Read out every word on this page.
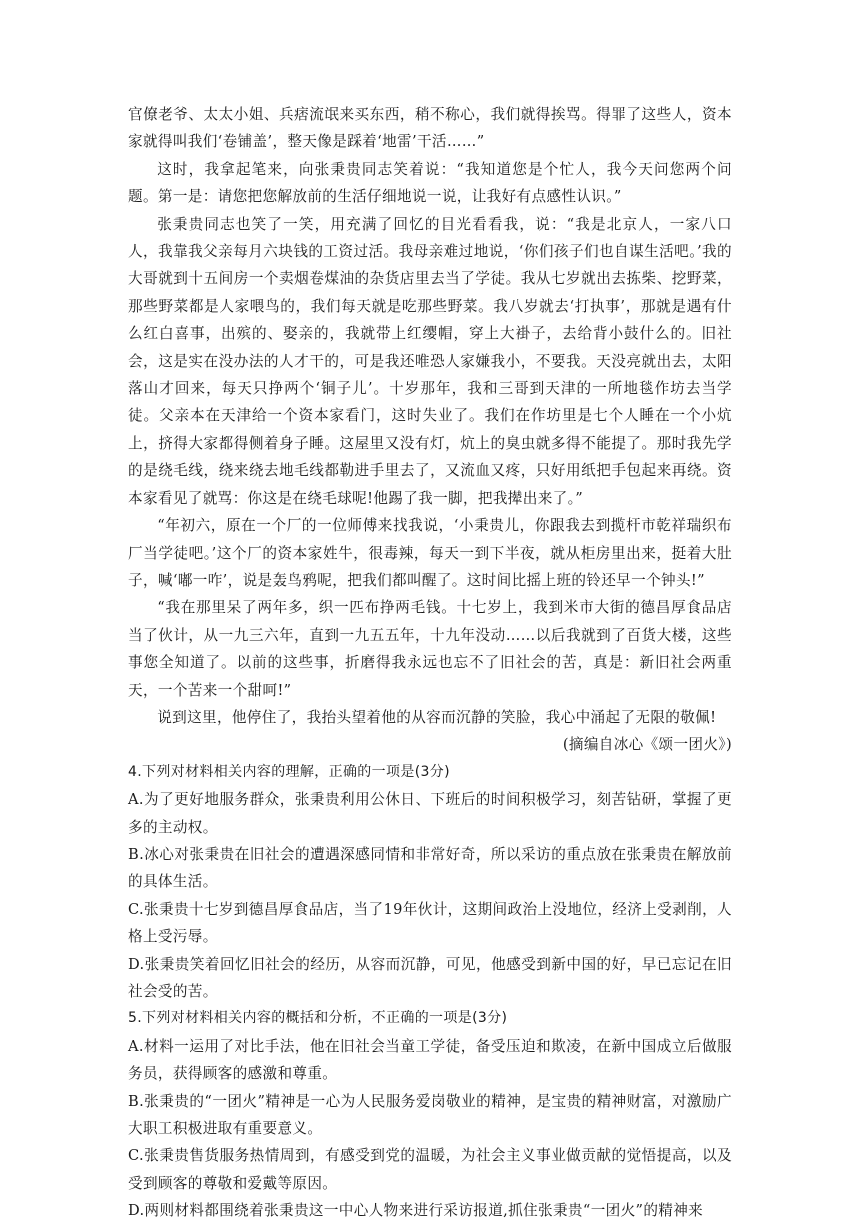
官僚老爷、太太小姐、兵痞流氓来买东西，稍不称心，我们就得挨骂。得罪了这些人，资本家就得叫我们‘卷铺盖’，整天像是踩着‘地雷’干活……”

这时，我拿起笔来，向张秉贵同志笑着说：“我知道您是个忙人，我今天问您两个问题。第一是：请您把您解放前的生活仔细地说一说，让我好有点感性认识。”

张秉贵同志也笑了一笑，用充满了回忆的目光看看我，说：“我是北京人，一家八口人，我靠我父亲每月六块钱的工资过活。我母亲难过地说，‘你们孩子们也自谋生活吧。’我的大哥就到十五间房一个卖烟卷煤油的杂货店里去当了学徒。我从七岁就出去拣柴、挖野菜，那些野菜都是人家喂鸟的，我们每天就是吃那些野菜。我八岁就去‘打执事’，那就是遇有什么红白喜事，出殡的、娶亲的，我就带上红缨帽，穿上大褂子，去给背小鼓什么的。旧社会，这是实在没办法的人才干的，可是我还唯恐人家嫌我小，不要我。天没亮就出去，太阳落山才回来，每天只挣两个‘铜子儿’。十岁那年，我和三哥到天津的一所地毯作坊去当学徒。父亲本在天津给一个资本家看门，这时失业了。我们在作坊里是七个人睡在一个小炕上，挤得大家都得侧着身子睡。这屋里又没有灯，炕上的臭虫就多得不能提了。那时我先学的是绕毛线，绕来绕去地毛线都勒进手里去了，又流血又疼，只好用纸把手包起来再绕。资本家看见了就骂：你这是在绕毛球呢!他踢了我一脚，把我撵出来了。”

“年初六，原在一个厂的一位师傅来找我说，‘小秉贵儿，你跟我去到揽杆市乾祥瑞织布厂当学徒吧。’这个厂的资本家姓牛，很毒辣，每天一到下半夜，就从柜房里出来，挺着大肚子，喊‘嘟一咋’，说是轰鸟鸦呢，把我们都叫醒了。这时间比摇上班的铃还早一个钟头!”

“我在那里呆了两年多，织一匹布挣两毛钱。十七岁上，我到米市大街的德昌厚食品店当了伙计，从一九三六年，直到一九五五年，十九年没动……以后我就到了百货大楼，这些事您全知道了。以前的这些事，折磨得我永远也忘不了旧社会的苦，真是：新旧社会两重天，一个苦来一个甜呵!”

说到这里，他停住了，我抬头望着他的从容而沉静的笑脸，我心中涌起了无限的敬佩!

(摘编自冰心《颂一团火》)

4.下列对材料相关内容的理解，正确的一项是(3分)

A.为了更好地服务群众，张秉贵利用公休日、下班后的时间积极学习，刻苦钻研，掌握了更多的主动权。

B.冰心对张秉贵在旧社会的遭遇深感同情和非常好奇，所以采访的重点放在张秉贵在解放前的具体生活。

C.张秉贵十七岁到德昌厚食品店，当了19年伙计，这期间政治上没地位，经济上受剥削，人格上受污辱。

D.张秉贵笑着回忆旧社会的经历，从容而沉静，可见，他感受到新中国的好，早已忘记在旧社会受的苦。

5.下列对材料相关内容的概括和分析，不正确的一项是(3分)

A.材料一运用了对比手法，他在旧社会当童工学徒，备受压迫和欺凌，在新中国成立后做服务员，获得顾客的感激和尊重。

B.张秉贵的“一团火”精神是一心为人民服务爱岗敬业的精神，是宝贵的精神财富，对激励广大职工积极进取有重要意义。

C.张秉贵售货服务热情周到，有感受到党的温暖，为社会主义事业做贡献的觉悟提高，以及受到顾客的尊敬和爱戴等原因。

D.两则材料都围绕着张秉贵这一中心人物来进行采访报道,抓住张秉贵“一团火”的精神来
